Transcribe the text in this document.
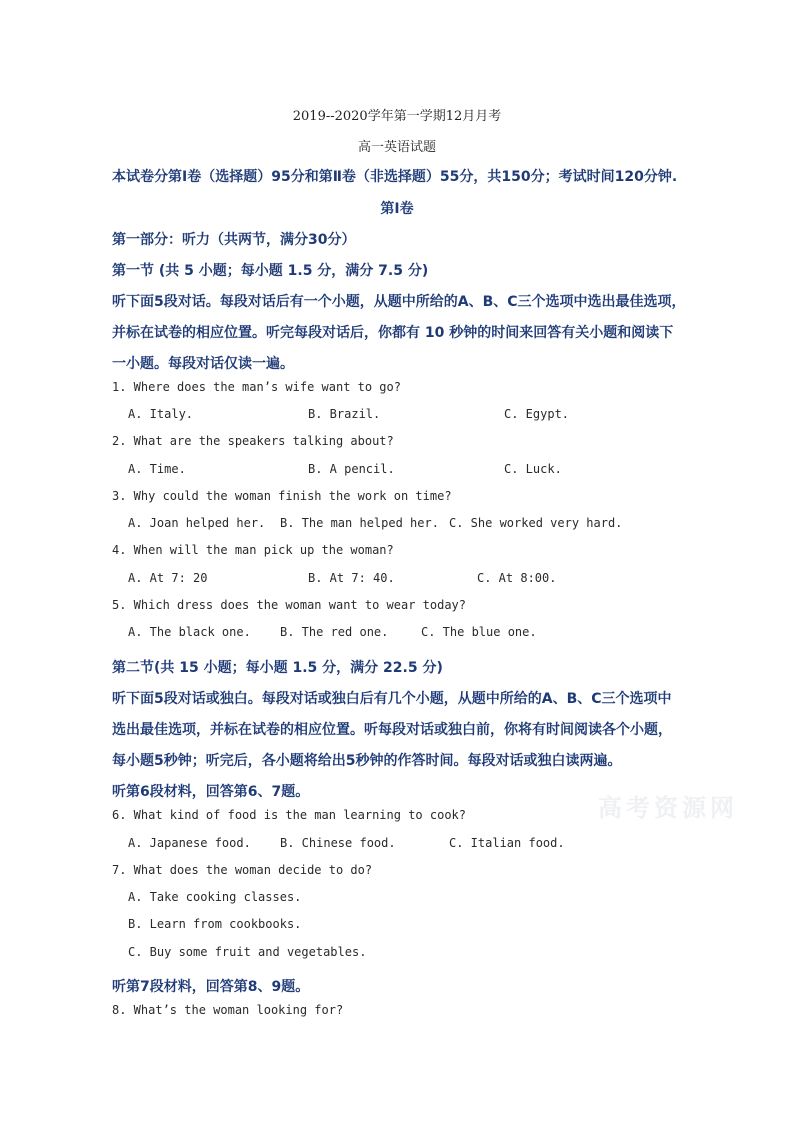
2019--2020学年第一学期12月月考
高一英语试题
本试卷分第Ⅰ卷（选择题）95分和第Ⅱ卷（非选择题）55分，共150分；考试时间120分钟.
第Ⅰ卷
第一部分：听力（共两节，满分30分）
第一节 (共 5 小题；每小题 1.5 分，满分 7.5 分)
听下面5段对话。每段对话后有一个小题，从题中所给的A、B、C三个选项中选出最佳选项，
并标在试卷的相应位置。听完每段对话后，你都有 10 秒钟的时间来回答有关小题和阅读下
一小题。每段对话仅读一遍。
1. Where does the man’s wife want to go?
A. Italy.	B. Brazil.	C. Egypt.
2. What are the speakers talking about?
A. Time.	B. A pencil.	C. Luck.
3. Why could the woman finish the work on time?
A. Joan helped her. B. The man helped her. C. She worked very hard.
4. When will the man pick up the woman?
A. At 7: 20	B. At 7: 40.	C. At 8:00.
5. Which dress does the woman want to wear today?
A. The black one. B. The red one.	C. The blue one.
第二节(共 15 小题；每小题 1.5 分，满分 22.5 分)
听下面5段对话或独白。每段对话或独白后有几个小题，从题中所给的A、B、C三个选项中
选出最佳选项，并标在试卷的相应位置。听每段对话或独白前，你将有时间阅读各个小题，
每小题5秒钟；听完后，各小题将给出5秒钟的作答时间。每段对话或独白读两遍。
高考资源网
听第6段材料，回答第6、7题。
6. What kind of food is the man learning to cook?
A. Japanese food. B. Chinese food.	C. Italian food.
7. What does the woman decide to do?
A. Take cooking classes.
B. Learn from cookbooks.
C. Buy some fruit and vegetables.
听第7段材料，回答第8、9题。
8. What’s the woman looking for?
